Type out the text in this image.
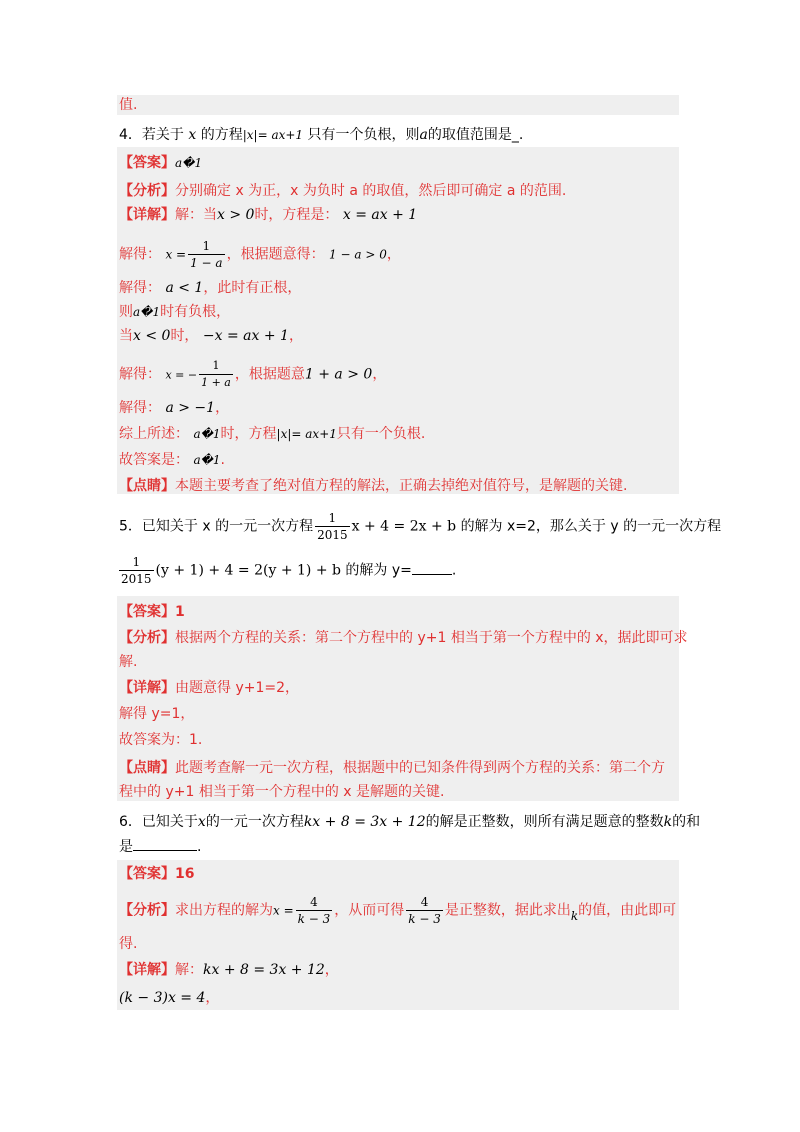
值.
4．若关于 x 的方程|x|= ax+1 只有一个负根，则a的取值范围是_.
【答案】a�1
【分析】分别确定 x 为正，x 为负时 a 的取值，然后即可确定 a 的范围.
【详解】解：当x > 0时，方程是： x = ax + 1
解得： $x = \frac{1}{1 - a}$ ，根据题意得： 1 − a > 0，
解得： a < 1，此时有正根，
则a�1时有负根，
当x < 0时， −x = ax + 1，
解得： x = − $\frac{1}{1 + a}$ ，根据题意1 + a > 0，
解得： a > −1，
综上所述： a�1时，方程|x|= ax+1只有一个负根.
故答案是： a�1.
【点睛】本题主要考查了绝对值方程的解法，正确去掉绝对值符号，是解题的关键.
5．已知关于 x 的一元一次方程 $\frac{1}{2015}$ x + 4 = 2x + b 的解为 x=2，那么关于 y 的一元一次方程
$\frac{1}{2015} (y + 1) + 4 = 2(y + 1) + b$ 的解为 y=	.
【答案】1
【分析】根据两个方程的关系：第二个方程中的 y+1 相当于第一个方程中的 x，据此即可求
解.
【详解】由题意得 y+1=2，
解得 y=1，
故答案为：1.
【点睛】此题考查解一元一次方程，根据题中的已知条件得到两个方程的关系：第二个方
程中的 y+1 相当于第一个方程中的 x 是解题的关键.
6．已知关于x的一元一次方程kx + 8 = 3x + 12的解是正整数，则所有满足题意的整数k的和
是	.
【答案】16
【分析】求出方程的解为$x = \frac{4}{k - 3}$ ，从而可得 $\frac{4}{k - 3}$ 是正整数，据此求出k的值，由此即可
得.
【详解】解：kx + 8 = 3x + 12，
(k − 3)x = 4，
